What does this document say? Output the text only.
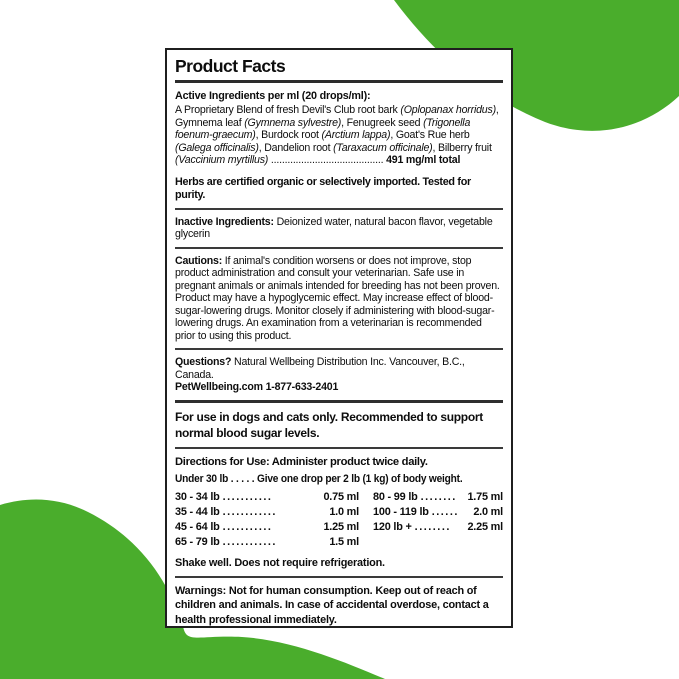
Product Facts
Active Ingredients per ml (20 drops/ml):
A Proprietary Blend of fresh Devil's Club root bark (Oplopanax horridus), Gymnema leaf (Gymnema sylvestre), Fenugreek seed (Trigonella foenum-graecum), Burdock root (Arctium lappa), Goat's Rue herb (Galega officinalis), Dandelion root (Taraxacum officinale), Bilberry fruit (Vaccinium myrtillus) ......................................... 491 mg/ml total
Herbs are certified organic or selectively imported. Tested for purity.
Inactive Ingredients: Deionized water, natural bacon flavor, vegetable glycerin
Cautions: If animal's condition worsens or does not improve, stop product administration and consult your veterinarian. Safe use in pregnant animals or animals intended for breeding has not been proven. Product may have a hypoglycemic effect. May increase effect of blood-sugar-lowering drugs. Monitor closely if administering with blood-sugar-lowering drugs. An examination from a veterinarian is recommended prior to using this product.
Questions? Natural Wellbeing Distribution Inc. Vancouver, B.C., Canada.
PetWellbeing.com 1-877-633-2401
For use in dogs and cats only. Recommended to support normal blood sugar levels.
Directions for Use: Administer product twice daily.
Under 30 lb . . . . . Give one drop per 2 lb (1 kg) of body weight.
30 - 34 lb ...........	0.75 ml
35 - 44 lb ............	1.0 ml
45 - 64 lb ...........	1.25 ml
65 - 79 lb ............	1.5 ml
80 - 99 lb ........ 1.75 ml
100 - 119 lb ......	2.0 ml
120 lb + ........	2.25 ml
Shake well. Does not require refrigeration.
Warnings: Not for human consumption. Keep out of reach of children and animals. In case of accidental overdose, contact a health professional immediately.
